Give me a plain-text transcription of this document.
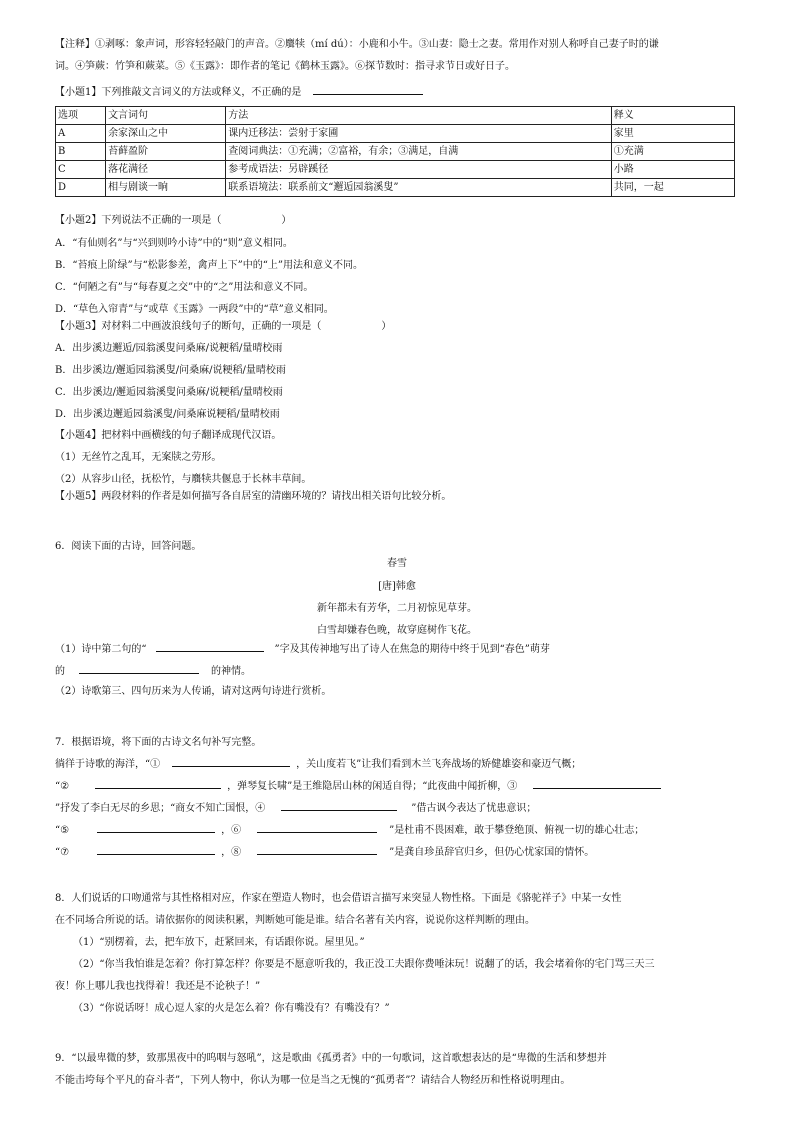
【注释】①剥啄：象声词，形容轻轻敲门的声音。②麛犊（mí dú）：小鹿和小牛。③山妻：隐士之妻。常用作对别人称呼自己妻子时的谦
词。④笋蕨：竹笋和蕨菜。⑤《玉露》：即作者的笔记《鹤林玉露》。⑥探节数时：指寻求节日或好日子。
【小题1】下列推敲文言词义的方法或释义，不正确的是
选项	文言词句	方法	释义
A	余家深山之中	课内迁移法：尝射于家圃	家里
B	苔藓盈阶	查阅词典法：①充满；②富裕，有余；③满足，自满	①充满
C	落花满径	参考成语法：另辟蹊径	小路
D	相与剧谈一晌	联系语境法：联系前文“邂逅园翁溪叟”	共同，一起
【小题2】下列说法不正确的一项是（	）
A．“有仙则名”与“兴到则吟小诗”中的“则”意义相同。
B．“苔痕上阶绿”与“松影参差，禽声上下”中的“上”用法和意义不同。
C．“何陋之有”与“每春夏之交”中的“之”用法和意义不同。
D．“草色入帘青”与“或草《玉露》一两段”中的“草”意义相同。
【小题3】对材料二中画波浪线句子的断句，正确的一项是（	）
A．出步溪边邂逅/园翁溪叟问桑麻/说粳稻/量晴校雨
B．出步溪边/邂逅园翁溪叟/问桑麻/说粳稻/量晴校雨
C．出步溪边/邂逅园翁溪叟问桑麻/说粳稻/量晴校雨
D．出步溪边邂逅园翁溪叟/问桑麻说粳稻/量晴校雨
【小题4】把材料中画横线的句子翻译成现代汉语。
（1）无丝竹之乱耳，无案牍之劳形。
（2）从容步山径，抚松竹，与麛犊共偃息于长林丰草间。
【小题5】两段材料的作者是如何描写各自居室的清幽环境的？请找出相关语句比较分析。
6．阅读下面的古诗，回答问题。
春雪
[唐]韩愈
新年都未有芳华，二月初惊见草芽。
白雪却嫌春色晚，故穿庭树作飞花。
（1）诗中第二句的“	”字及其传神地写出了诗人在焦急的期待中终于见到“春色”萌芽
的	的神情。
（2）诗歌第三、四句历来为人传诵，请对这两句诗进行赏析。
7．根据语境，将下面的古诗文名句补写完整。
徜徉于诗歌的海洋，“①	，关山度若飞”让我们看到木兰飞奔战场的矫健雄姿和豪迈气概；
“②	，弹琴复长啸”是王维隐居山林的闲适自得；“此夜曲中闻折柳，③
”抒发了李白无尽的乡思；“商女不知亡国恨，④	”借古讽今表达了忧患意识；
“⑤	，⑥	”是杜甫不畏困难，敢于攀登绝顶、俯视一切的雄心壮志；
“⑦	，⑧	”是龚自珍虽辞官归乡，但仍心忧家国的情怀。
8．人们说话的口吻通常与其性格相对应，作家在塑造人物时，也会借语言描写来突显人物性格。下面是《骆驼祥子》中某一女性
在不同场合所说的话。请依据你的阅读积累，判断她可能是谁。结合名著有关内容，说说你这样判断的理由。
（1）“别楞着，去，把车放下，赶紧回来，有话跟你说。屋里见。”
（2）“你当我怕谁是怎着？你打算怎样？你要是不愿意听我的，我正没工夫跟你费唾沫玩！说翻了的话，我会堵着你的宅门骂三天三
夜！你上哪儿我也找得着！我还是不论秧子！”
（3）“你说话呀！成心逗人家的火是怎么着？你有嘴没有？有嘴没有？”
9．“以最卑微的梦，致那黑夜中的呜咽与怒吼”，这是歌曲《孤勇者》中的一句歌词，这首歌想表达的是“卑微的生活和梦想并
不能击垮每个平凡的奋斗者”，下列人物中，你认为哪一位是当之无愧的“孤勇者”？请结合人物经历和性格说明理由。
